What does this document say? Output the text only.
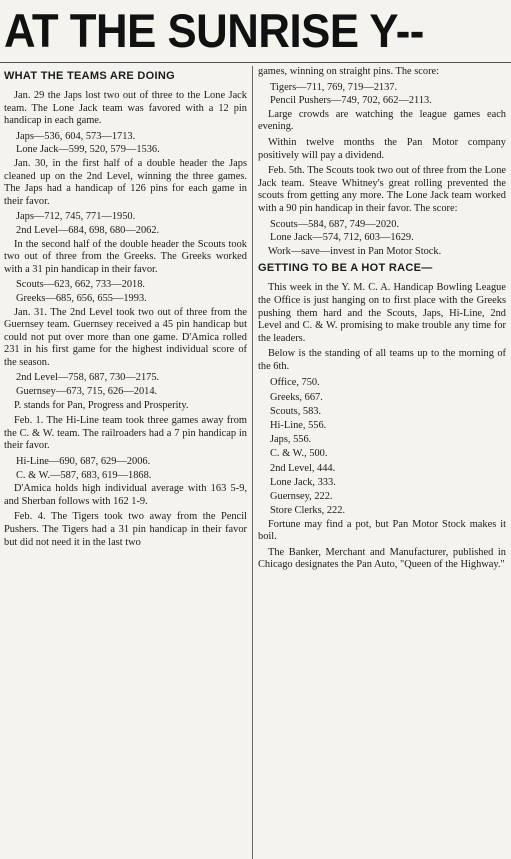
AT THE SUNRISE Y--
WHAT THE TEAMS ARE DOING

Jan. 29 the Japs lost two out of three to the Lone Jack team. The Lone Jack team was favored with a 12 pin handicap in each game.

Japs—536, 604, 573—1713.

Lone Jack—599, 520, 579—1536.

Jan. 30, in the first half of a double header the Japs cleaned up on the 2nd Level, winning the three games. The Japs had a handicap of 126 pins for each game in their favor.

Japs—712, 745, 771—1950.

2nd Level—684, 698, 680—2062.

In the second half of the double header the Scouts took two out of three from the Greeks. The Greeks worked with a 31 pin handicap in their favor.

Scouts—623, 662, 733—2018.

Greeks—685, 656, 655—1993.

Jan. 31. The 2nd Level took two out of three from the Guernsey team. Guernsey received a 45 pin handicap but could not put over more than one game. D'Amica rolled 231 in his first game for the highest individual score of the season.

2nd Level—758, 687, 730—2175.

Guernsey—673, 715, 626—2014.

P. stands for Pan, Progress and Prosperity.

Feb. 1. The Hi-Line team took three games away from the C. & W. team. The railroaders had a 7 pin handicap in their favor.

Hi-Line—690, 687, 629—2006.

C. & W.—587, 683, 619—1868.

D'Amica holds high individual average with 163 5-9, and Sherban follows with 162 1-9.

Feb. 4. The Tigers took two away from the Pencil Pushers. The Tigers had a 31 pin handicap in their favor but did not need it in the last two

games, winning on straight pins. The score:

Tigers—711, 769, 719—2137.

Pencil Pushers—749, 702, 662—2113.

Large crowds are watching the league games each evening.

Within twelve months the Pan Motor company positively will pay a dividend.

Feb. 5th. The Scouts took two out of three from the Lone Jack team. Steave Whitney's great rolling prevented the scouts from getting any more. The Lone Jack team worked with a 90 pin handicap in their favor. The score:

Scouts—584, 687, 749—2020.

Lone Jack—574, 712, 603—1629.

Work—save—invest in Pan Motor Stock.

GETTING TO BE A HOT RACE—

This week in the Y. M. C. A. Handicap Bowling League the Office is just hanging on to first place with the Greeks pushing them hard and the Scouts, Japs, Hi-Line, 2nd Level and C. & W. promising to make trouble any time for the leaders.

Below is the standing of all teams up to the morning of the 6th.

Office, 750.

Greeks, 667.

Scouts, 583.

Hi-Line, 556.

Japs, 556.

C. & W., 500.

2nd Level, 444.

Lone Jack, 333.

Guernsey, 222.

Store Clerks, 222.

Fortune may find a pot, but Pan Motor Stock makes it boil.

The Banker, Merchant and Manufacturer, published in Chicago designates the Pan Auto, "Queen of the Highway."
